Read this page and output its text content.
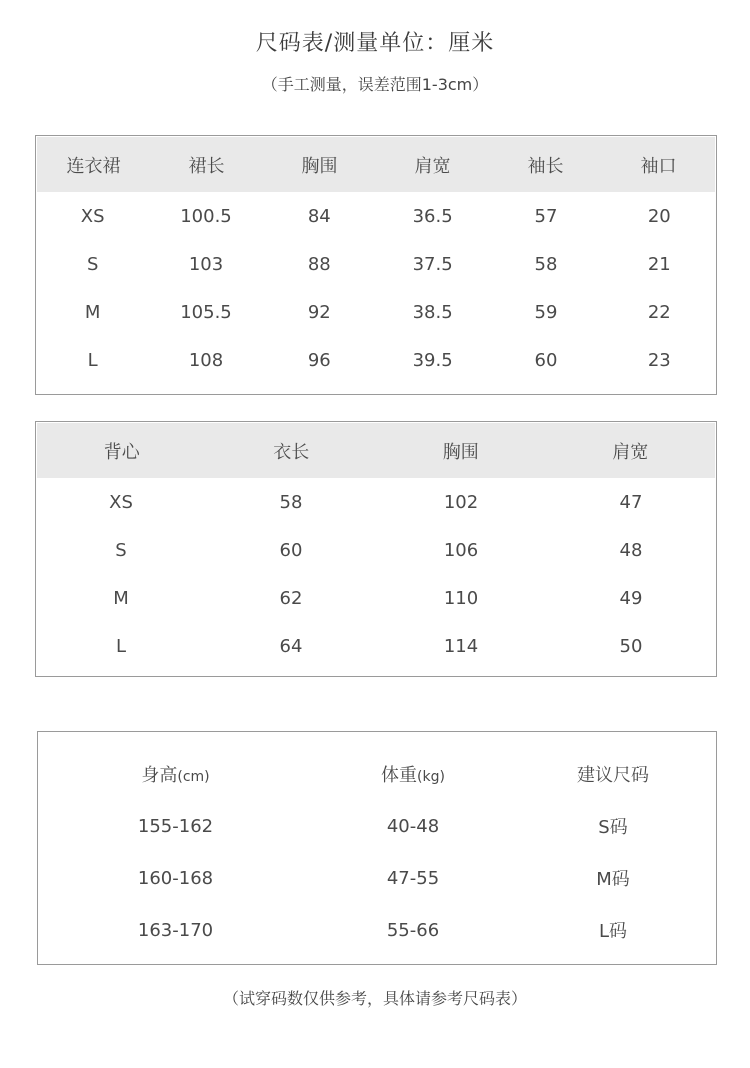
尺码表/测量单位：厘米
（手工测量，误差范围1-3cm）
连衣裙	裙长	胸围	肩宽	袖长	袖口
XS	100.5	84	36.5	57	20
S	103	88	37.5	58	21
M	105.5	92	38.5	59	22
L	108	96	39.5	60	23
背心	衣长	胸围	肩宽
XS	58	102	47
S	60	106	48
M	62	110	49
L	64	114	50
身高(cm)	体重(kg)	建议尺码
155-162	40-48	S码
160-168	47-55	M码
163-170	55-66	L码
（试穿码数仅供参考，具体请参考尺码表）
